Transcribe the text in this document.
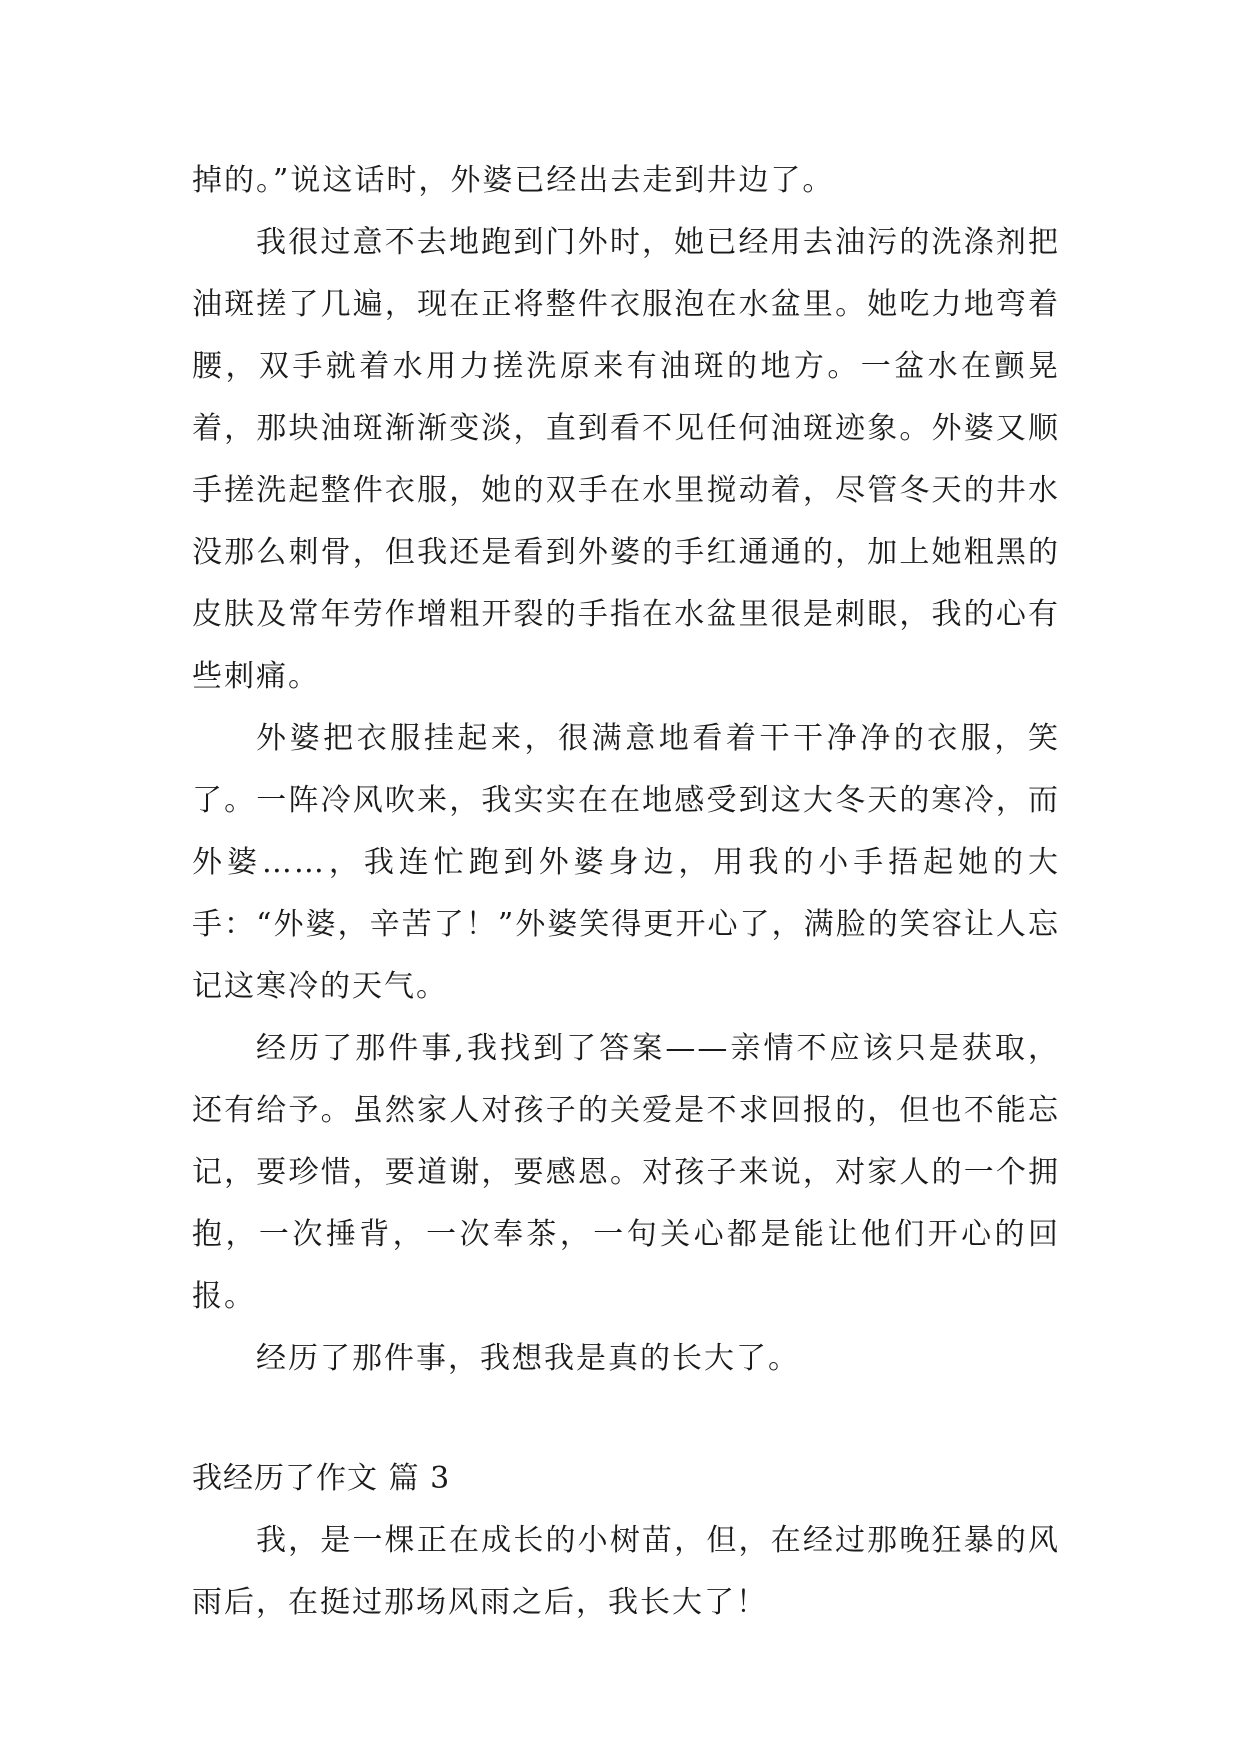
掉的。”说这话时，外婆已经出去走到井边了。

我很过意不去地跑到门外时，她已经用去油污的洗涤剂把油斑搓了几遍，现在正将整件衣服泡在水盆里。她吃力地弯着腰，双手就着水用力搓洗原来有油斑的地方。一盆水在颤晃着，那块油斑渐渐变淡，直到看不见任何油斑迹象。外婆又顺手搓洗起整件衣服，她的双手在水里搅动着，尽管冬天的井水没那么刺骨，但我还是看到外婆的手红通通的，加上她粗黑的皮肤及常年劳作增粗开裂的手指在水盆里很是刺眼，我的心有些刺痛。

外婆把衣服挂起来，很满意地看着干干净净的衣服，笑了。一阵冷风吹来，我实实在在地感受到这大冬天的寒冷，而外婆……，我连忙跑到外婆身边，用我的小手捂起她的大手：“外婆，辛苦了！”外婆笑得更开心了，满脸的笑容让人忘记这寒冷的天气。

经历了那件事,我找到了答案——亲情不应该只是获取，还有给予。虽然家人对孩子的关爱是不求回报的，但也不能忘记，要珍惜，要道谢，要感恩。对孩子来说，对家人的一个拥抱，一次捶背，一次奉茶，一句关心都是能让他们开心的回报。

经历了那件事，我想我是真的长大了。

我经历了作文 篇 3

我，是一棵正在成长的小树苗，但，在经过那晚狂暴的风雨后，在挺过那场风雨之后，我长大了！
